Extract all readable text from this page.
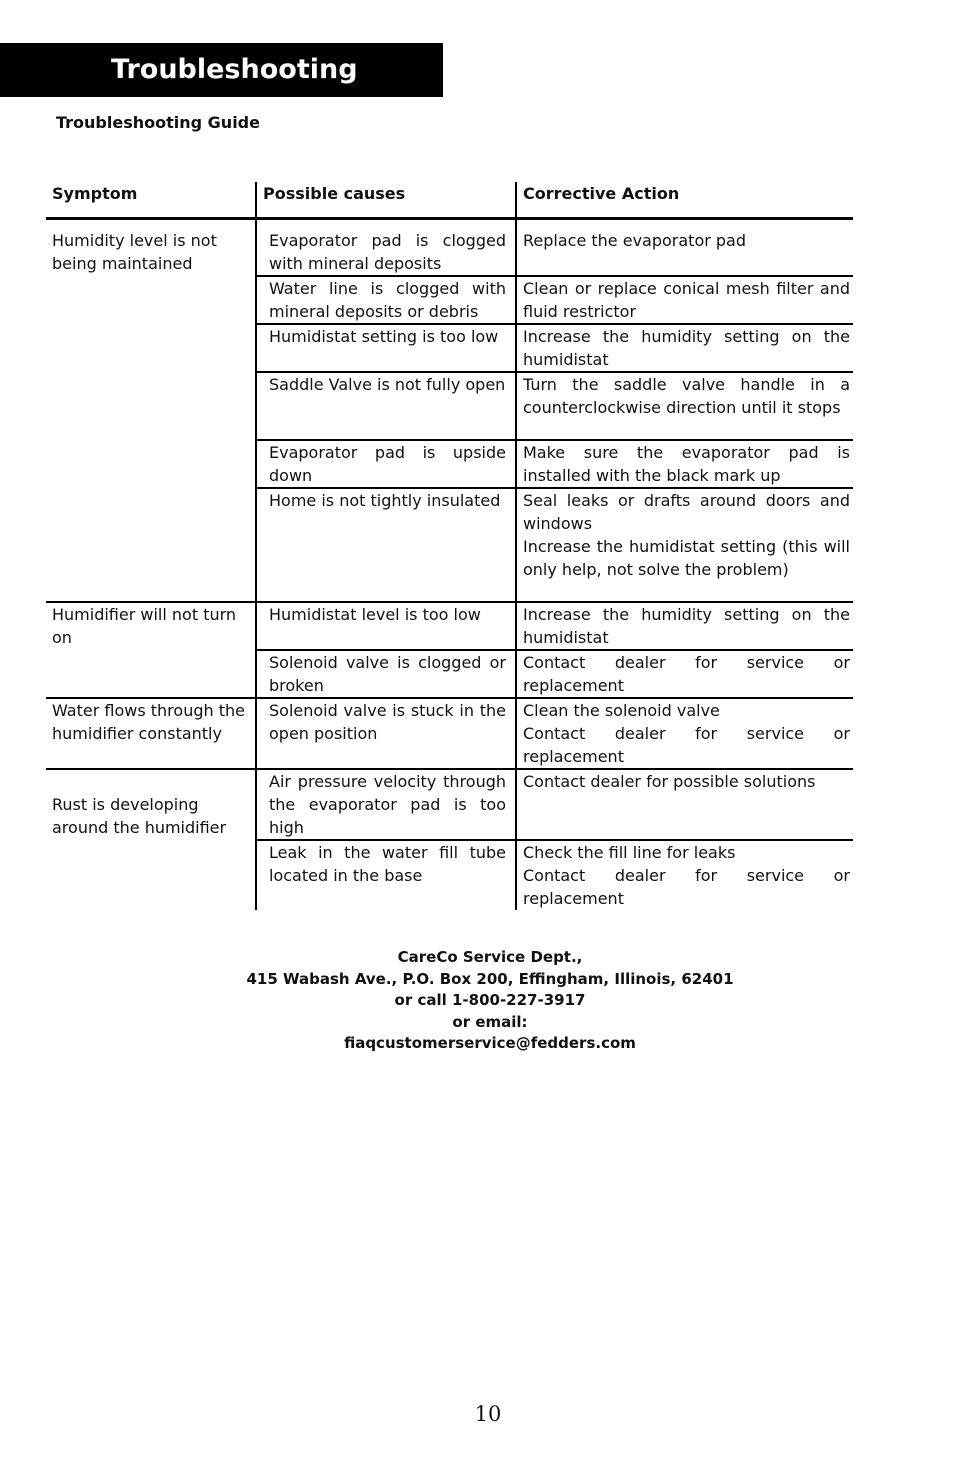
Troubleshooting
Troubleshooting Guide
Symptom	Possible causes	Corrective Action
Humidity level is not being maintained	Evaporator pad is clogged with mineral deposits	Replace the evaporator pad

	Water line is clogged with mineral deposits or debris	Clean or replace conical mesh filter and fluid restrictor

	Humidistat setting is too low	Increase the humidity setting on the humidistat

	Saddle Valve is not fully open	Turn the saddle valve handle in a counterclockwise direction until it stops

	Evaporator pad is upside down	Make sure the evaporator pad is installed with the black mark up

	Home is not tightly insulated	Seal leaks or drafts around doors and windows
Increase the humidistat setting (this will only help, not solve the problem)

Humidifier will not turn on	Humidistat level is too low	Increase the humidity setting on the humidistat

	Solenoid valve is clogged or broken	Contact dealer for service or replacement

Water flows through the humidifier constantly	Solenoid valve is stuck in the open position	Clean the solenoid valve
Contact dealer for service or replacement

Rust is developing around the humidifier	Air pressure velocity through the evaporator pad is too high	Contact dealer for possible solutions

	Leak in the water fill tube located in the base	Check the fill line for leaks
Contact dealer for service or replacement
CareCo Service Dept.,
415 Wabash Ave., P.O. Box 200, Effingham, Illinois, 62401
or call 1-800-227-3917
or email:
fiaqcustomerservice@fedders.com
10
